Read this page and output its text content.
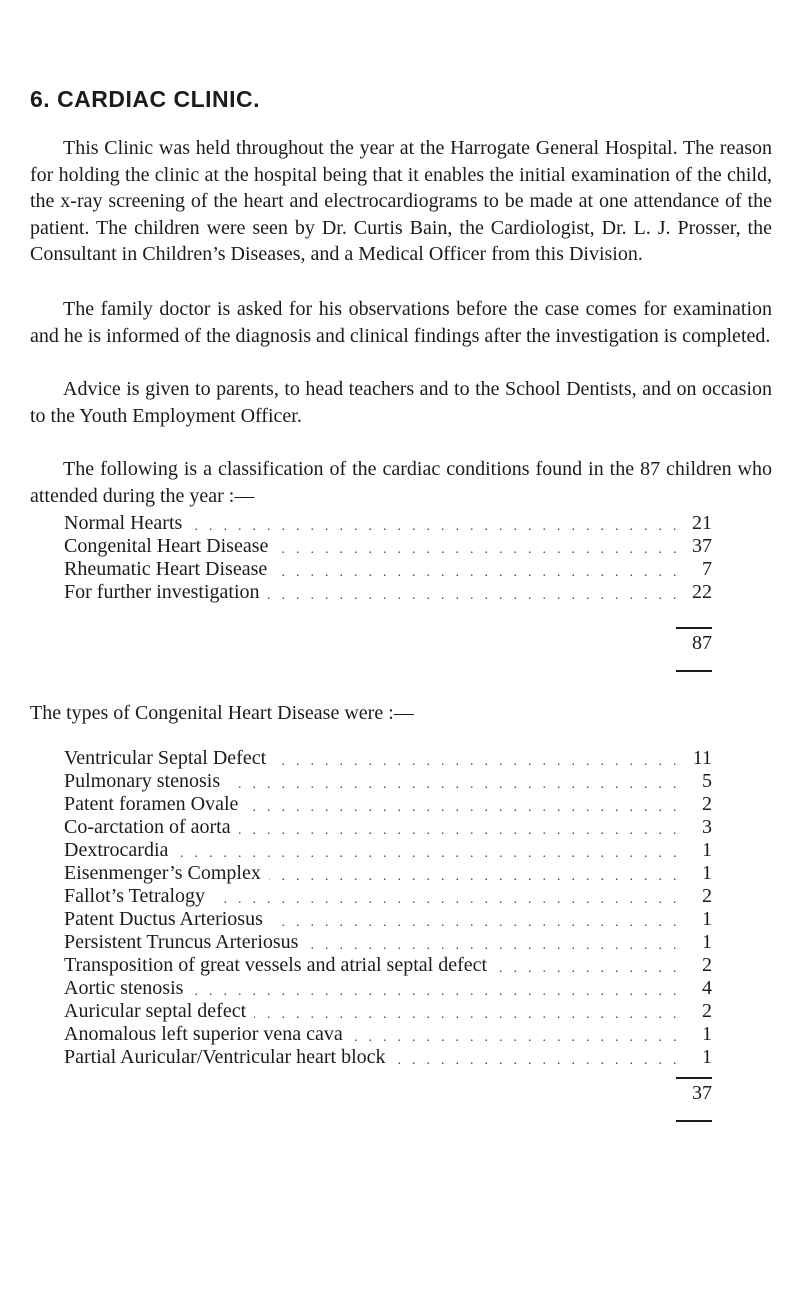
6. CARDIAC CLINIC.

This Clinic was held throughout the year at the Harrogate General Hospital. The reason for holding the clinic at the hospital being that it enables the initial examination of the child, the x-ray screening of the heart and electrocardiograms to be made at one attendance of the patient. The children were seen by Dr. Curtis Bain, the Cardiologist, Dr. L. J. Prosser, the Consultant in Children’s Diseases, and a Medical Officer from this Division.

The family doctor is asked for his observations before the case comes for examination and he is informed of the diagnosis and clinical findings after the investigation is completed.

Advice is given to parents, to head teachers and to the School Dentists, and on occasion to the Youth Employment Officer.

The following is a classification of the cardiac conditions found in the 87 children who attended during the year :—

Normal Hearts .....	21
Congenital Heart Disease .....	37
Rheumatic Heart Disease .....	7
For further investigation .....	22
87

The types of Congenital Heart Disease were :—

Ventricular Septal Defect .....	11
Pulmonary stenosis .....	5
Patent foramen Ovale .....	2
Co-arctation of aorta .....	3
Dextrocardia .....	1
Eisenmenger’s Complex .....	1
Fallot’s Tetralogy .....	2
Patent Ductus Arteriosus .....	1
Persistent Truncus Arteriosus .....	1
Transposition of great vessels and atrial septal defect .....	2
Aortic stenosis .....	4
Auricular septal defect .....	2
Anomalous left superior vena cava .....	1
Partial Auricular/Ventricular heart block .....	1
37
